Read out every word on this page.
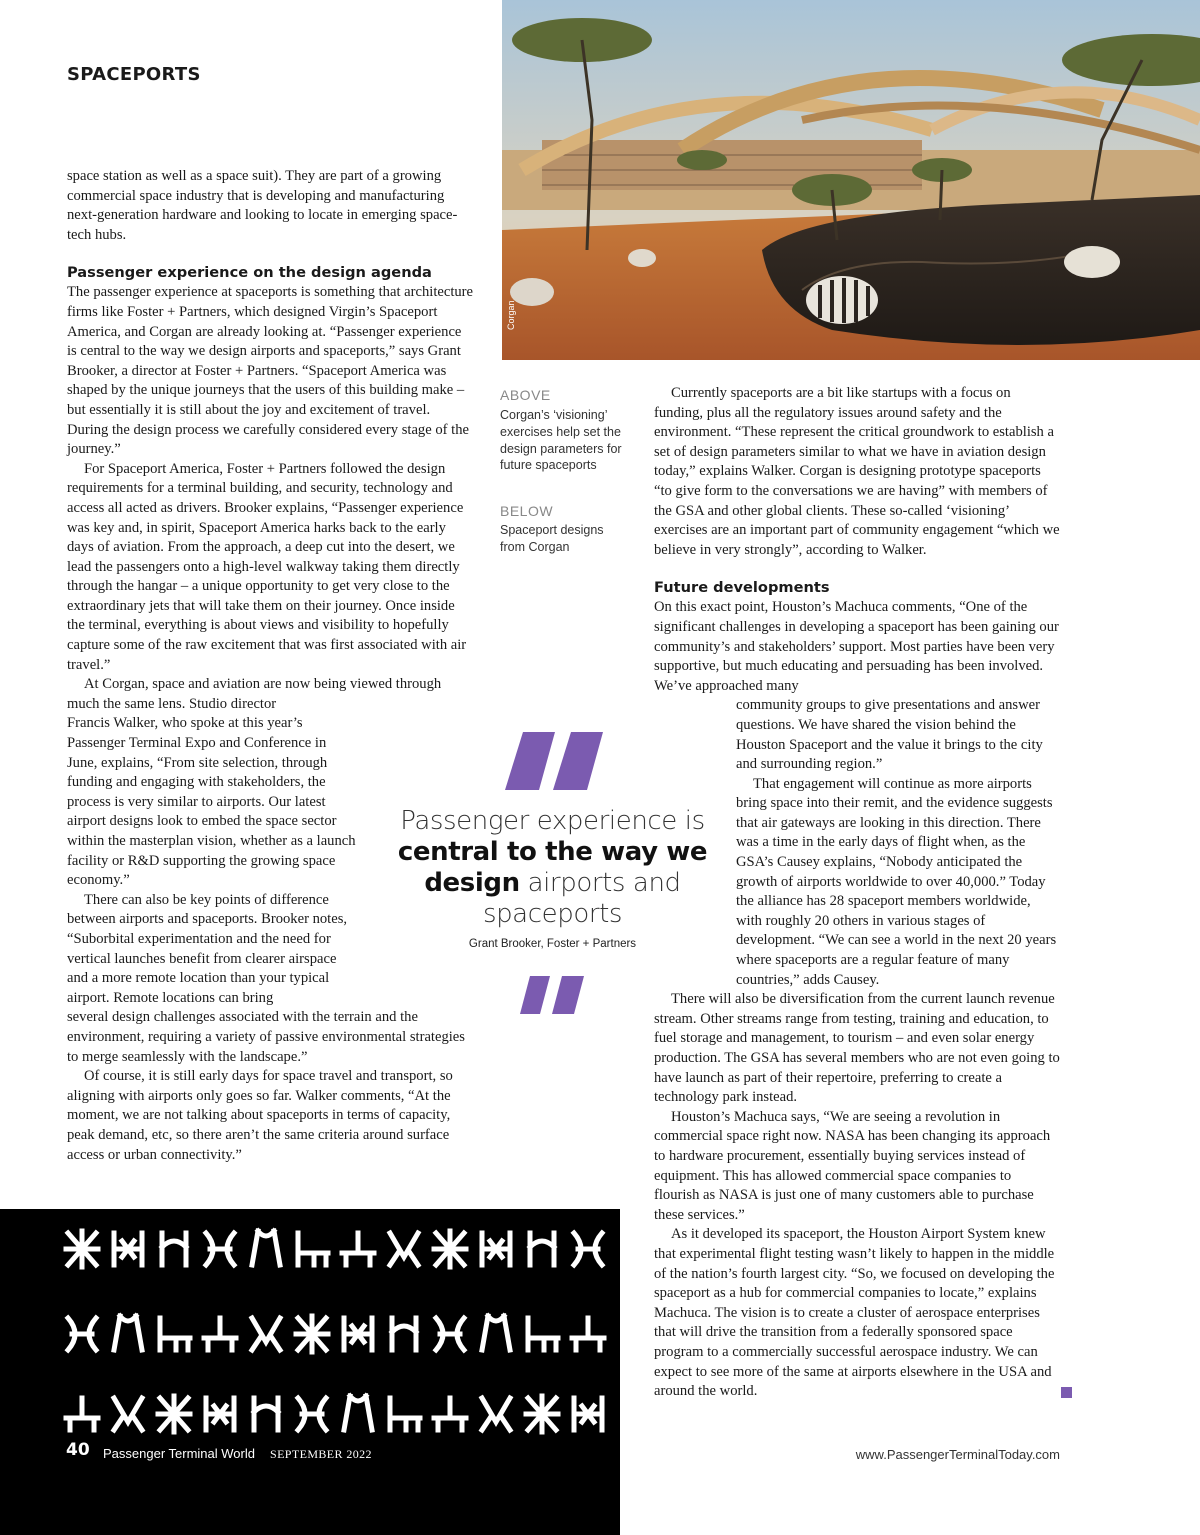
SPACEPORTS
Corgan
ABOVE
Corgan’s ‘visioning’ exercises help set the design parameters for future spaceports
BELOW
Spaceport designs from Corgan

space station as well as a space suit). They are part of a growing commercial space industry that is developing and manufacturing next-generation hardware and looking to locate in emerging space-tech hubs.

Passenger experience on the design agenda

The passenger experience at spaceports is something that architecture firms like Foster + Partners, which designed Virgin’s Spaceport America, and Corgan are already looking at. “Passenger experience is central to the way we design airports and spaceports,” says Grant Brooker, a director at Foster + Partners. “Spaceport America was shaped by the unique journeys that the users of this building make – but essentially it is still about the joy and excitement of travel. During the design process we carefully considered every stage of the journey.”

For Spaceport America, Foster + Partners followed the design requirements for a terminal building, and security, technology and access all acted as drivers. Brooker explains, “Passenger experience was key and, in spirit, Spaceport America harks back to the early days of aviation. From the approach, a deep cut into the desert, we lead the passengers onto a high-level walkway taking them directly through the hangar – a unique opportunity to get very close to the extraordinary jets that will take them on their journey. Once inside the terminal, everything is about views and visibility to hopefully capture some of the raw excitement that was first associated with air travel.”

At Corgan, space and aviation are now being viewed through much the same lens. Studio director

Francis Walker, who spoke at this year’s Passenger Terminal Expo and Conference in June, explains, “From site selection, through funding and engaging with stakeholders, the process is very similar to airports. Our latest airport designs look to embed the space sector within the masterplan vision, whether as a launch facility or R&D supporting the growing space economy.”

There can also be key points of difference between airports and spaceports. Brooker notes, “Suborbital experimentation and the need for vertical launches benefit from clearer airspace and a more remote location than your typical airport. Remote locations can bring

several design challenges associated with the terrain and the environment, requiring a variety of passive environmental strategies to merge seamlessly with the landscape.”

Of course, it is still early days for space travel and transport, so aligning with airports only goes so far. Walker comments, “At the moment, we are not talking about spaceports in terms of capacity, peak demand, etc, so there aren’t the same criteria around surface access or urban connectivity.”

Currently spaceports are a bit like startups with a focus on funding, plus all the regulatory issues around safety and the environment. “These represent the critical groundwork to establish a set of design parameters similar to what we have in aviation design today,” explains Walker. Corgan is designing prototype spaceports “to give form to the conversations we are having” with members of the GSA and other global clients. These so-called ‘visioning’ exercises are an important part of community engagement “which we believe in very strongly”, according to Walker.

Future developments

On this exact point, Houston’s Machuca comments, “One of the significant challenges in developing a spaceport has been gaining our community’s and stakeholders’ support. Most parties have been very supportive, but much educating and persuading has been involved. We’ve approached many

community groups to give presentations and answer questions. We have shared the vision behind the Houston Spaceport and the value it brings to the city and surrounding region.”

That engagement will continue as more airports bring space into their remit, and the evidence suggests that air gateways are looking in this direction. There was a time in the early days of flight when, as the GSA’s Causey explains, “Nobody anticipated the growth of airports worldwide to over 40,000.” Today the alliance has 28 spaceport members worldwide, with roughly 20 others in various stages of development. “We can see a world in the next 20 years where spaceports are a regular feature of many countries,” adds Causey.

There will also be diversification from the current launch revenue stream. Other streams range from testing, training and education, to fuel storage and management, to tourism – and even solar energy production. The GSA has several members who are not even going to have launch as part of their repertoire, preferring to create a technology park instead.

Houston’s Machuca says, “We are seeing a revolution in commercial space right now. NASA has been changing its approach to hardware procurement, essentially buying services instead of equipment. This has allowed commercial space companies to flourish as NASA is just one of many customers able to purchase these services.”

As it developed its spaceport, the Houston Airport System knew that experimental flight testing wasn’t likely to happen in the middle of the nation’s fourth largest city. “So, we focused on developing the spaceport as a hub for commercial companies to locate,” explains Machuca. The vision is to create a cluster of aerospace enterprises that will drive the transition from a federally sponsored space program to a commercially successful aerospace industry. We can expect to see more of the same at airports elsewhere in the USA and around the world.

Passenger experience is central to the way we design airports and spaceports
Grant Brooker, Foster + Partners
40 Passenger Terminal World SEPTEMBER 2022	www.PassengerTerminalToday.com
